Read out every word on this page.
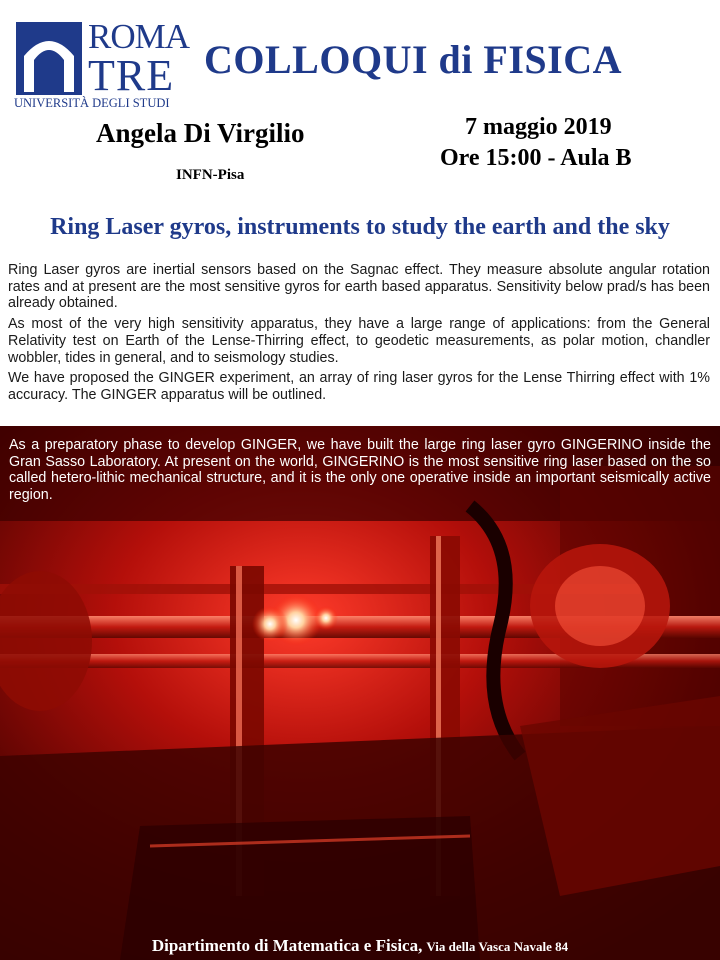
ROMA
TRE
UNIVERSITÀ DEGLI STUDI
COLLOQUI di FISICA
Angela Di Virgilio
INFN-Pisa
7 maggio 2019
Ore 15:00 - Aula B
Ring Laser gyros, instruments to study the earth and the sky

Ring Laser gyros are inertial sensors based on the Sagnac effect. They measure absolute angular rotation rates and at present are the most sensitive gyros for earth based apparatus. Sensitivity below prad/s has been already obtained.

As most of the very high sensitivity apparatus, they have a large range of applications: from the General Relativity test on Earth of the Lense-Thirring effect, to geodetic measurements, as polar motion, chandler wobbler, tides in general, and to seismology studies.

We have proposed the GINGER experiment, an array of ring laser gyros for the Lense Thirring effect with 1% accuracy. The GINGER apparatus will be outlined.

As a preparatory phase to develop GINGER, we have built the large ring laser gyro GINGERINO inside the Gran Sasso Laboratory. At present on the world, GINGERINO is the most sensitive ring laser based on the so called hetero-lithic mechanical structure, and it is the only one operative inside an important seismically active region.
Dipartimento di Matematica e Fisica, Via della Vasca Navale 84
